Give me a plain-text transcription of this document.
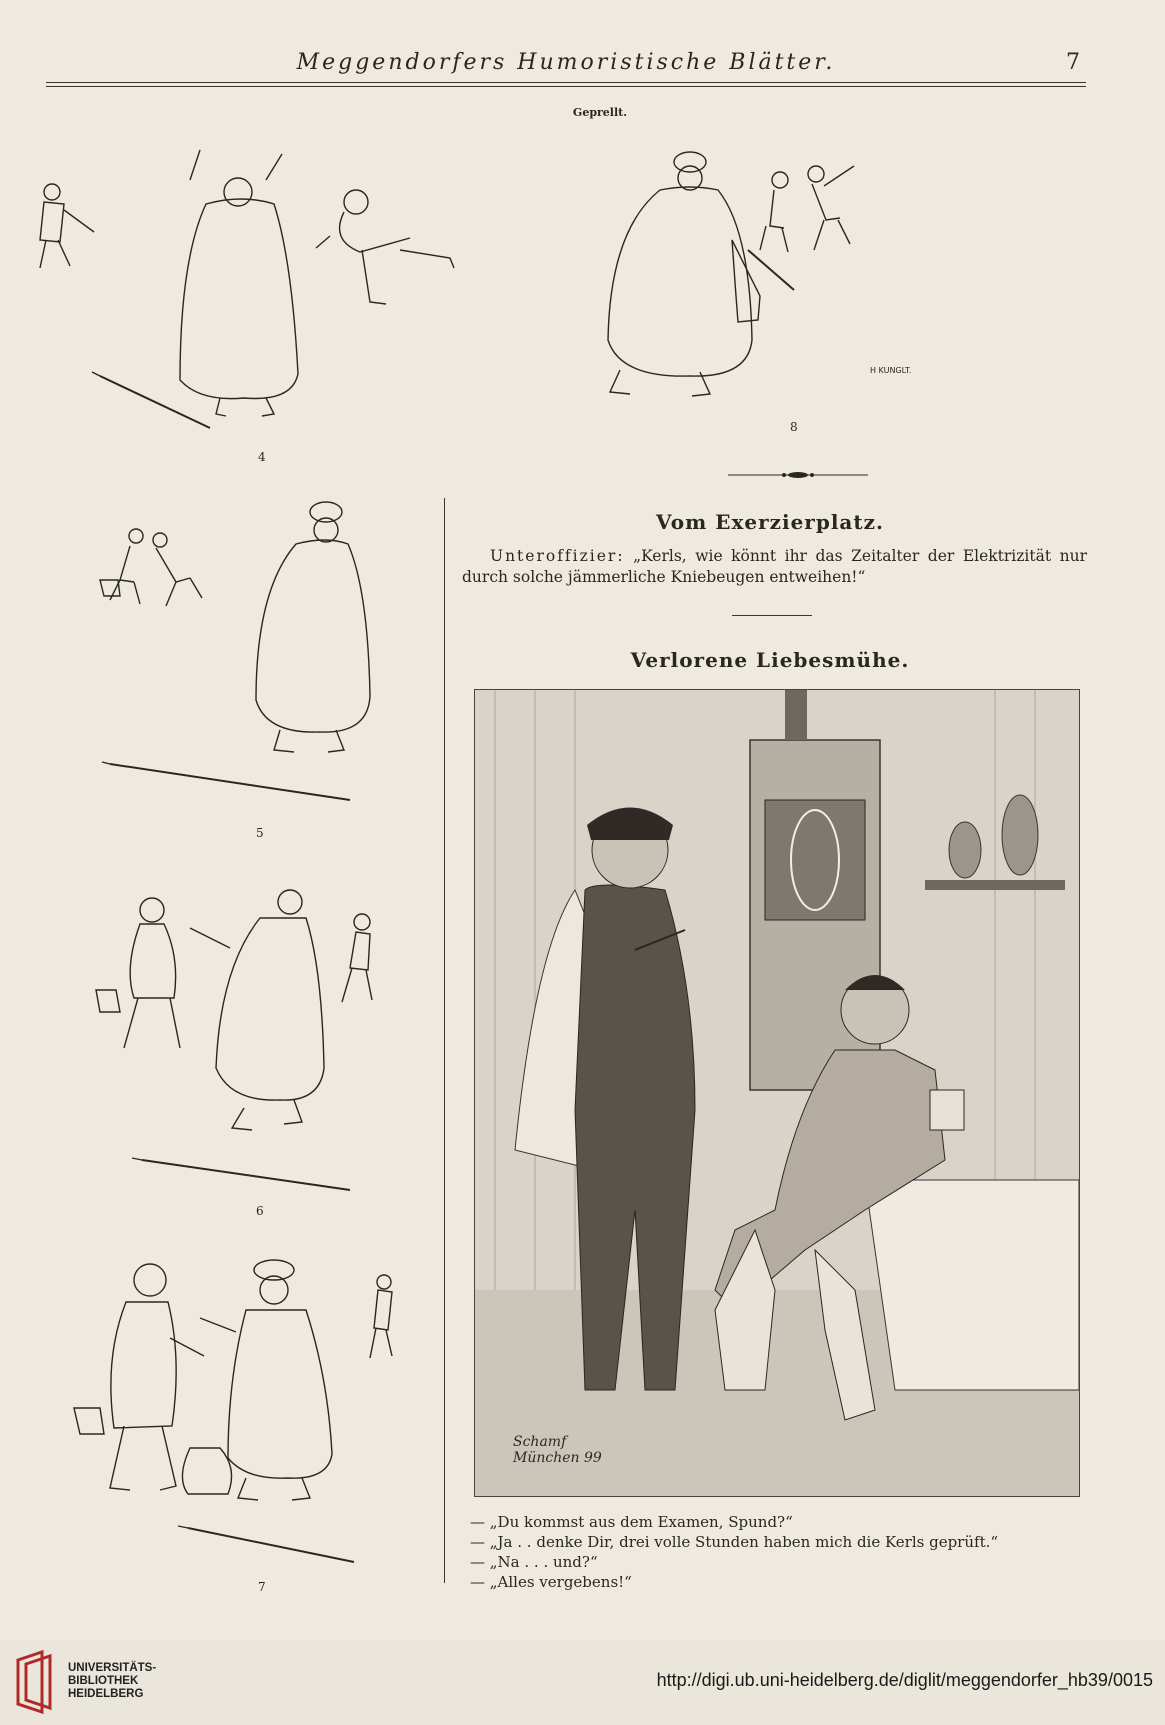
Meggendorfers Humoristische Blätter.	7
Geprellt.
4
H KUNGLT.
8
5
6
7
Vom Exerzierplatz.
Unteroffizier: „Kerls, wie könnt ihr das Zeitalter der Elektrizität nur durch solche jämmerliche Kniebeugen entweihen!“
Verlorene Liebesmühe.
Schamf
München 99
— „Du kommst aus dem Examen, Spund?“
— „Ja . . denke Dir, drei volle Stunden haben mich die Kerls geprüft.“
— „Na . . . und?“
— „Alles vergebens!“
UNIVERSITÄTS-
BIBLIOTHEK
HEIDELBERG
http://digi.ub.uni-heidelberg.de/diglit/meggendorfer_hb39/0015
